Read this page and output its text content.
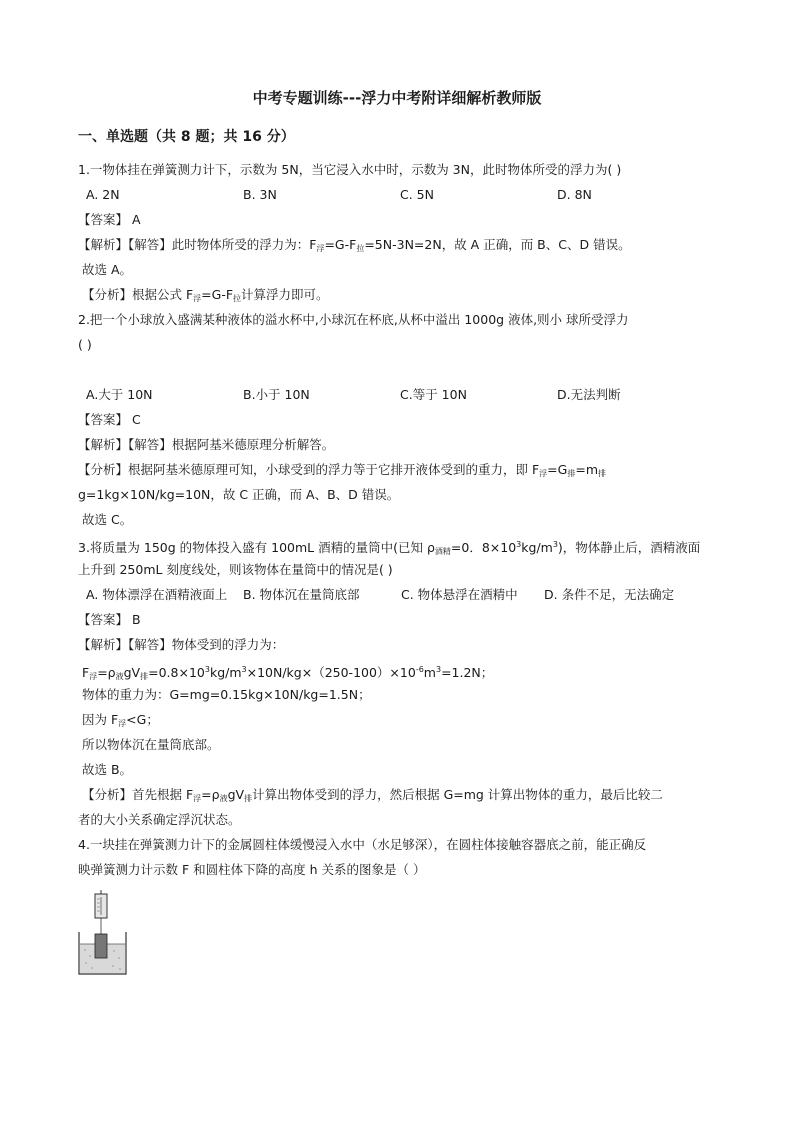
中考专题训练---浮力中考附详细解析教师版
一、单选题（共 8 题；共 16 分）
1.一物体挂在弹簧测力计下，示数为 5N，当它浸入水中时，示数为 3N，此时物体所受的浮力为( )
A. 2N	B. 3N	C. 5N	D. 8N
【答案】 A
【解析】【解答】此时物体所受的浮力为：$F_浮=G-F_拉=5N-3N=2N$，故 A 正确，而 B、C、D 错误。
故选 A。
【分析】根据公式 $F_浮=G-F_拉$计算浮力即可。
2.把一个小球放入盛满某种液体的溢水杯中,小球沉在杯底,从杯中溢出 1000g 液体,则小 球所受浮力
( )
A.大于 10N	B.小于 10N	C.等于 10N	D.无法判断
【答案】 C
【解析】【解答】根据阿基米德原理分析解答。
【分析】根据阿基米德原理可知，小球受到的浮力等于它排开液体受到的重力，即 $F_浮=G_排=m_排$
g=1kg×10N/kg=10N，故 C 正确，而 A、B、D 错误。
故选 C。
3.将质量为 150g 的物体投入盛有 100mL 酒精的量筒中(已知 $\rho_{酒精}=0$．$8\times 10^3kg/m^3$)，物体静止后，酒精液面
上升到 250mL 刻度线处，则该物体在量筒中的情况是( )
A. 物体漂浮在酒精液面上 B. 物体沉在量筒底部	C. 物体悬浮在酒精中 D. 条件不足，无法确定
【答案】 B
【解析】【解答】物体受到的浮力为：
$F_浮=\rho_液gV_排=0.8\times 10^3kg/m^3\times 10N/kg\times(250-100)\times 10^{-6}m^3=1.2N$；
物体的重力为：G=mg=0.15kg×10N/kg=1.5N；
因为 $F_浮<G$；
所以物体沉在量筒底部。
故选 B。
【分析】首先根据 $F_浮=\rho_液gV_排$计算出物体受到的浮力，然后根据 G=mg 计算出物体的重力，最后比较二
者的大小关系确定浮沉状态。
4.一块挂在弹簧测力计下的金属圆柱体缓慢浸入水中（水足够深），在圆柱体接触容器底之前，能正确反
映弹簧测力计示数 F 和圆柱体下降的高度 h 关系的图象是（ ）
